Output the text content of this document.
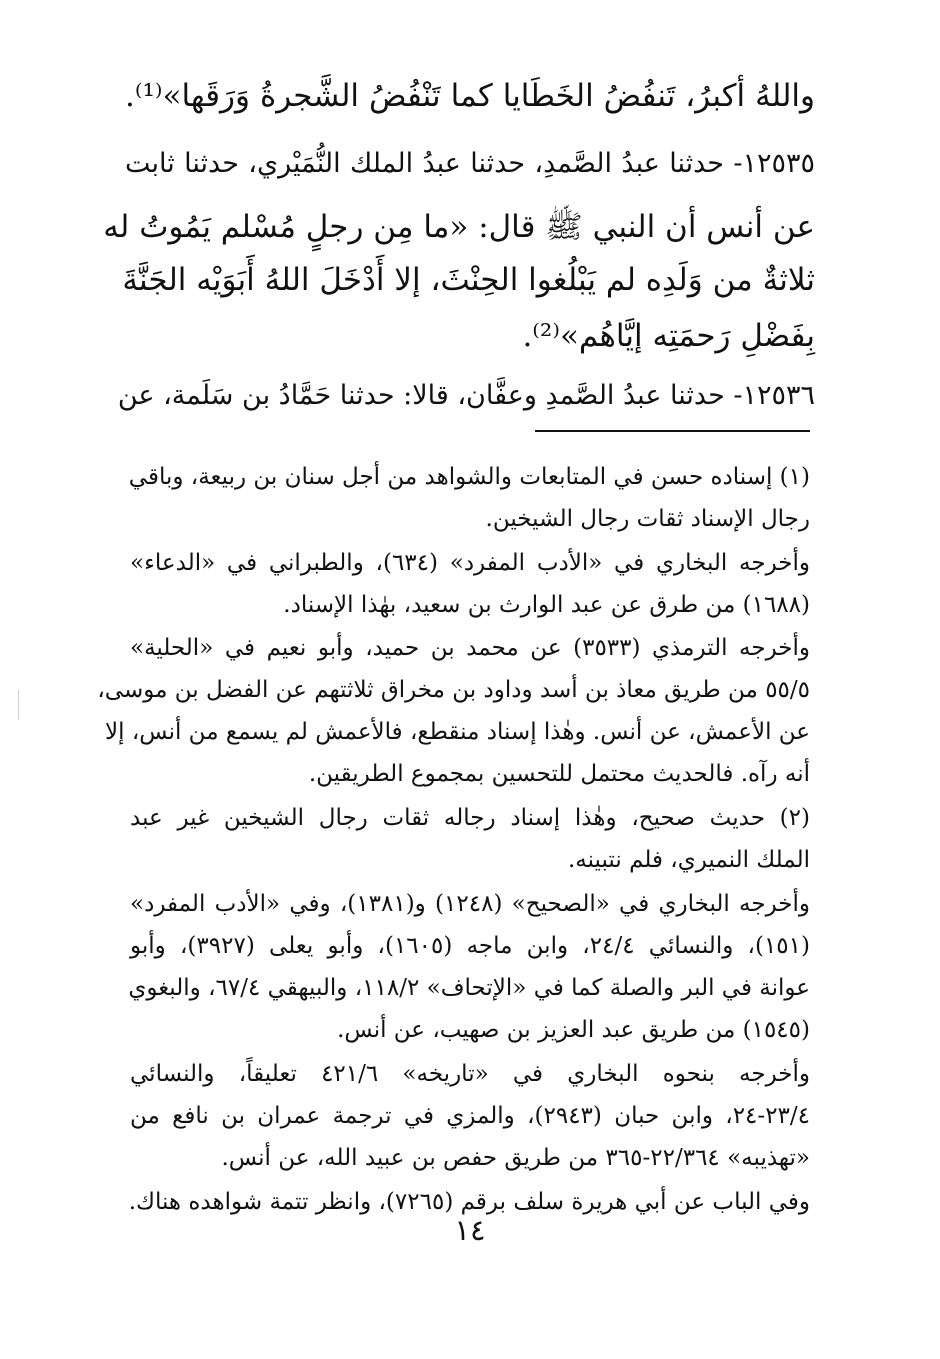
واللهُ أكبرُ، تَنفُضُ الخَطَايا كما تَنْفُضُ الشَّجرةُ وَرَقَها»⁽¹⁾.
١٢٥٣٥- حدثنا عبدُ الصَّمدِ، حدثنا عبدُ الملك النُّمَيْري، حدثنا ثابت
عن أنس أن النبي ﷺ قال: «ما مِن رجلٍ مُسْلم يَمُوتُ له
ثلاثةٌ من وَلَدِه لم يَبْلُغوا الحِنْثَ، إلا أَدْخَلَ اللهُ أَبَوَيْه الجَنَّةَ
بِفَضْلِ رَحمَتِه إيَّاهُم»⁽²⁾.
١٢٥٣٦- حدثنا عبدُ الصَّمدِ وعفَّان، قالا: حدثنا حَمَّادُ بن سَلَمة، عن
(١) إسناده حسن في المتابعات والشواهد من أجل سنان بن ربيعة، وباقي
رجال الإسناد ثقات رجال الشيخين.
وأخرجه البخاري في «الأدب المفرد» (٦٣٤)، والطبراني في «الدعاء»
(١٦٨٨) من طرق عن عبد الوارث بن سعيد، بهٰذا الإسناد.
وأخرجه الترمذي (٣٥٣٣) عن محمد بن حميد، وأبو نعيم في «الحلية»
٥٥/٥ من طريق معاذ بن أسد وداود بن مخراق ثلاثتهم عن الفضل بن موسى،
عن الأعمش، عن أنس. وهٰذا إسناد منقطع، فالأعمش لم يسمع من أنس، إلا
أنه رآه. فالحديث محتمل للتحسين بمجموع الطريقين.
(٢) حديث صحيح، وهٰذا إسناد رجاله ثقات رجال الشيخين غير عبد
الملك النميري، فلم نتبينه.
وأخرجه البخاري في «الصحيح» (١٢٤٨) و(١٣٨١)، وفي «الأدب المفرد»
(١٥١)، والنسائي ٢٤/٤، وابن ماجه (١٦٠٥)، وأبو يعلى (٣٩٢٧)، وأبو
عوانة في البر والصلة كما في «الإتحاف» ١١٨/٢، والبيهقي ٦٧/٤، والبغوي
(١٥٤٥) من طريق عبد العزيز بن صهيب، عن أنس.
وأخرجه بنحوه البخاري في «تاريخه» ٤٢١/٦ تعليقاً، والنسائي
٢٣/٤-٢٤، وابن حبان (٢٩٤٣)، والمزي في ترجمة عمران بن نافع من
«تهذيبه» ٢٢/٣٦٤-٣٦٥ من طريق حفص بن عبيد الله، عن أنس.
وفي الباب عن أبي هريرة سلف برقم (٧٢٦٥)، وانظر تتمة شواهده هناك.
١٤
